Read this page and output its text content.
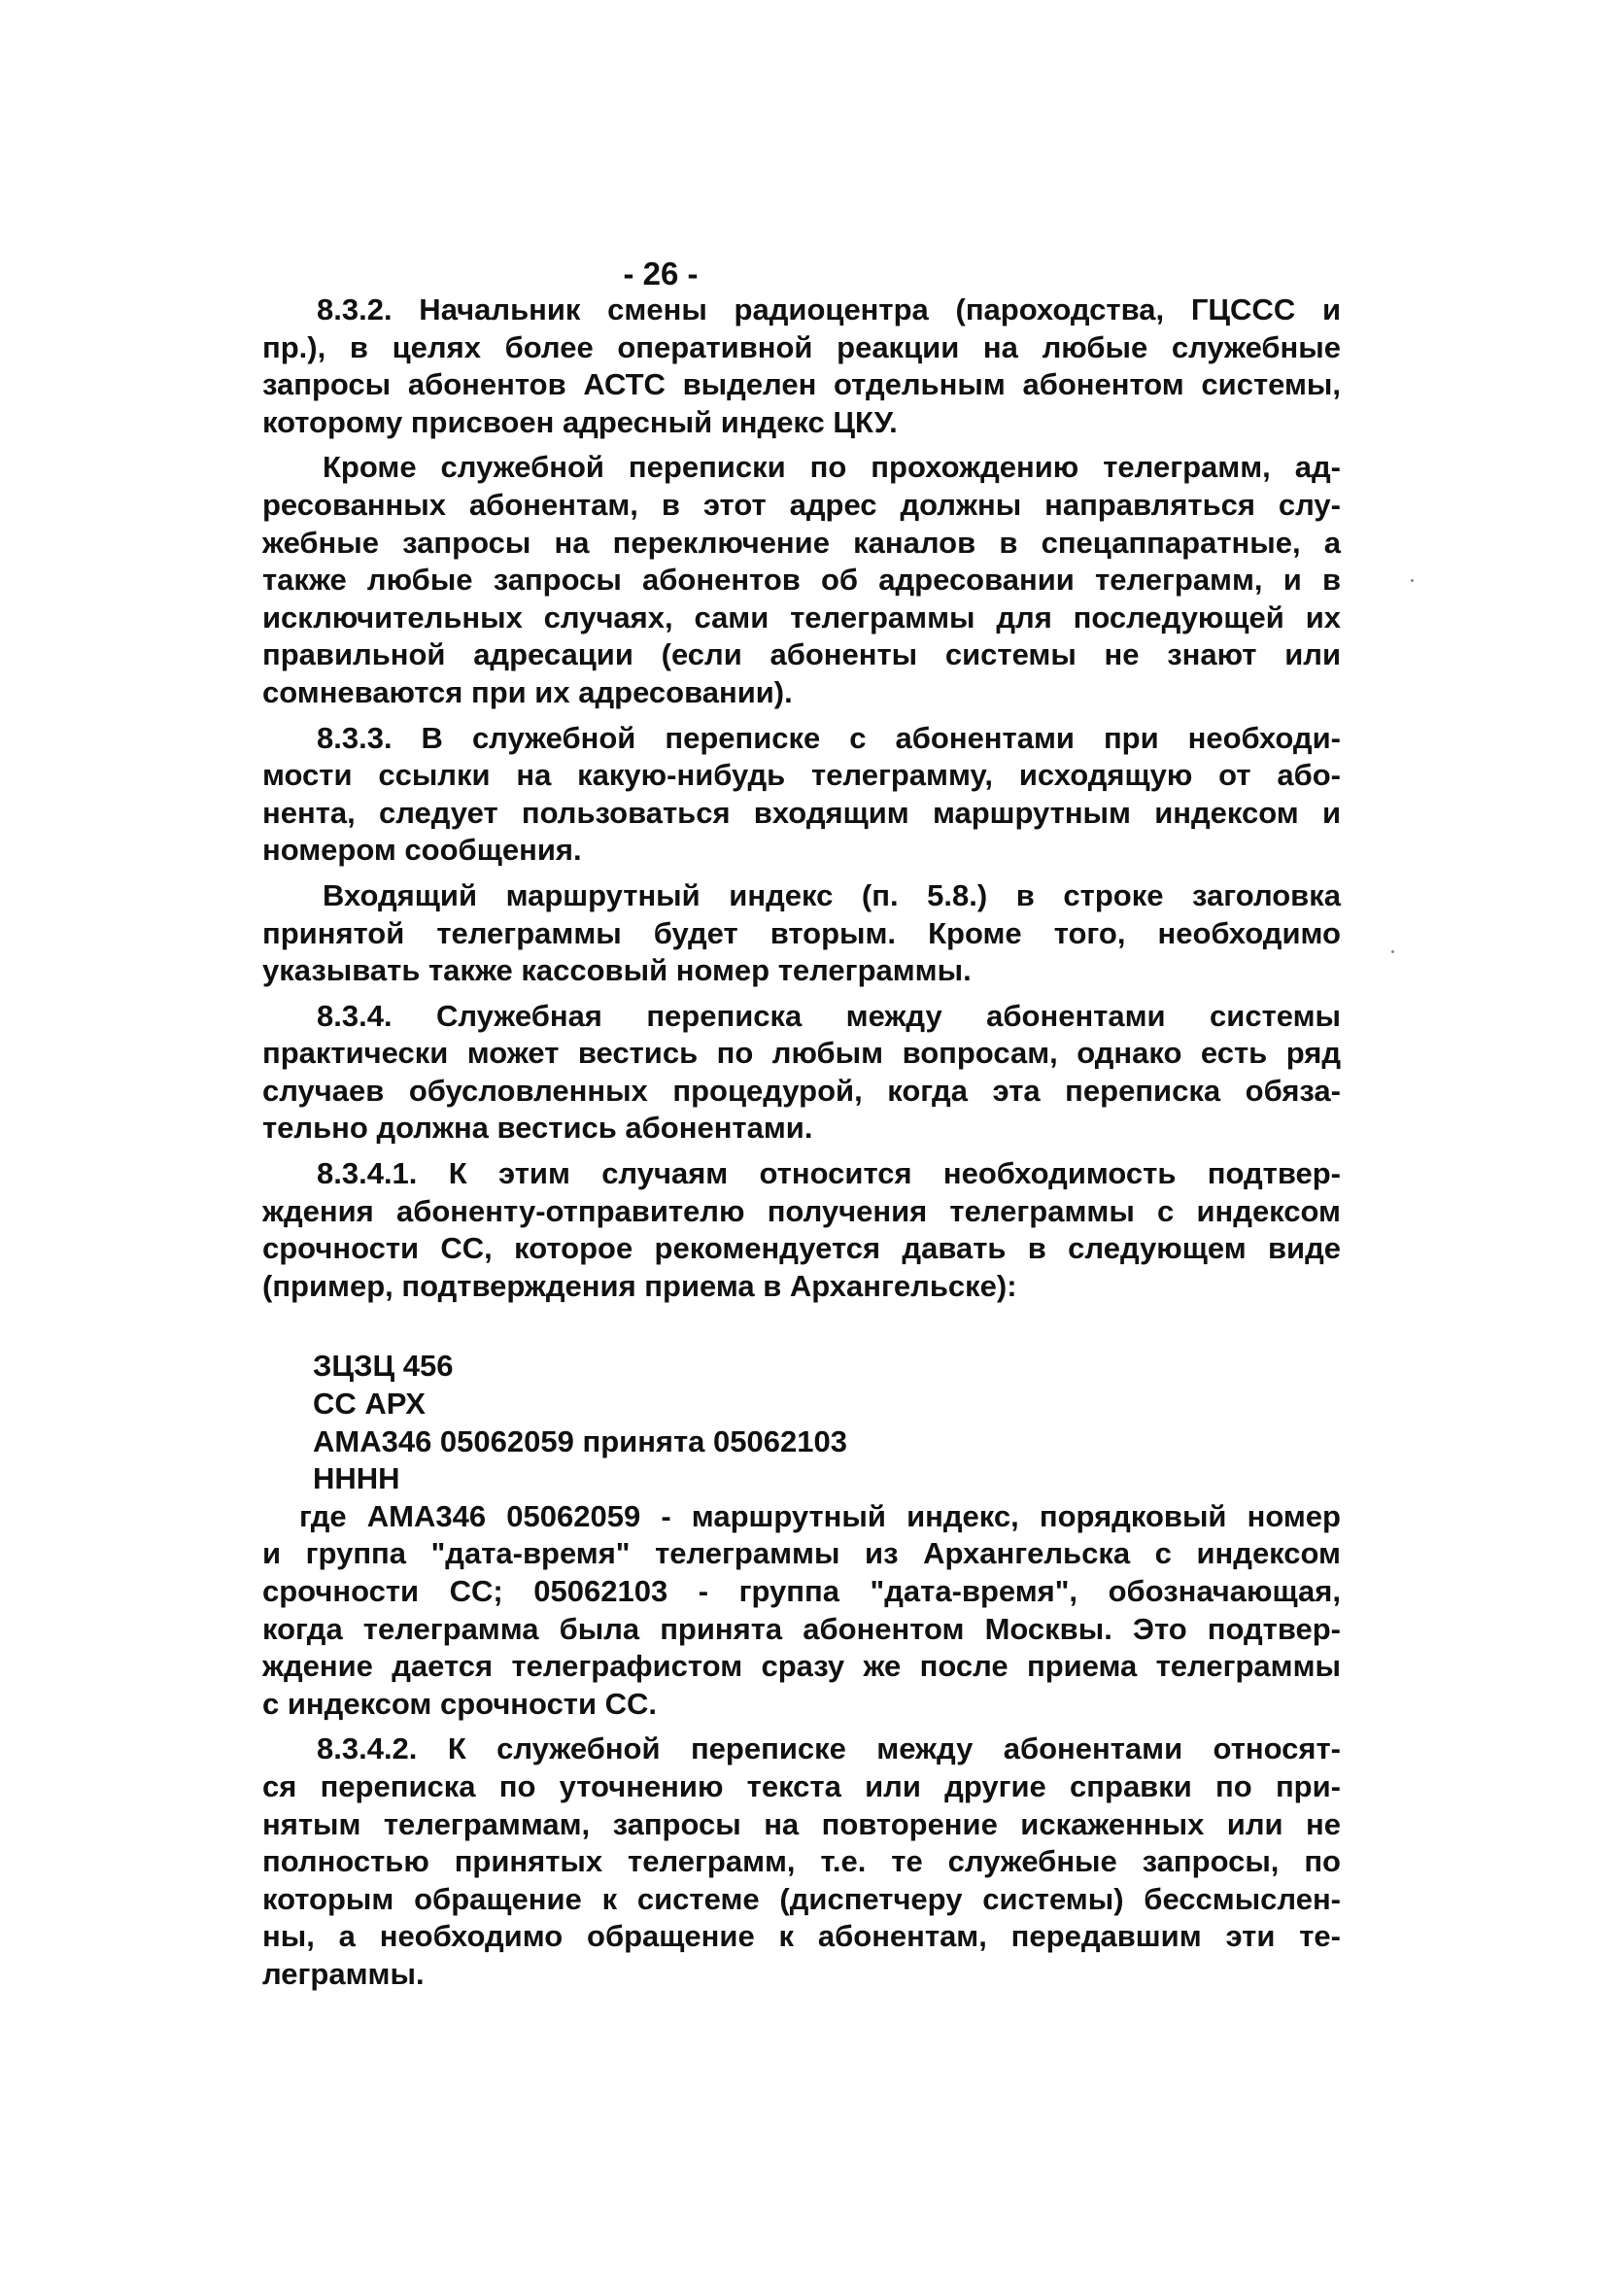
- 26 -
8.3.2. Начальник смены радиоцентра (пароходства, ГЦССС и
пр.), в целях более оперативной реакции на любые служебные
запросы абонентов АСТС выделен отдельным абонентом системы,
которому присвоен адресный индекс ЦКУ.
Кроме служебной переписки по прохождению телеграмм, ад-
ресованных абонентам, в этот адрес должны направляться слу-
жебные запросы на переключение каналов в спецаппаратные, а
также любые запросы абонентов об адресовании телеграмм, и в
исключительных случаях, сами телеграммы для последующей их
правильной адресации (если абоненты системы не знают или
сомневаются при их адресовании).
8.3.3. В служебной переписке с абонентами при необходи-
мости ссылки на какую-нибудь телеграмму, исходящую от або-
нента, следует пользоваться входящим маршрутным индексом и
номером сообщения.
Входящий маршрутный индекс (п. 5.8.) в строке заголовка
принятой телеграммы будет вторым. Кроме того, необходимо
указывать также кассовый номер телеграммы.
8.3.4. Служебная переписка между абонентами системы
практически может вестись по любым вопросам, однако есть ряд
случаев обусловленных процедурой, когда эта переписка обяза-
тельно должна вестись абонентами.
8.3.4.1. К этим случаям относится необходимость подтвер-
ждения абоненту-отправителю получения телеграммы с индексом
срочности СС, которое рекомендуется давать в следующем виде
(пример, подтверждения приема в Архангельске):
ЗЦЗЦ 456
СС АРХ
АМА346 05062059 принята 05062103
НННН
где АМА346 05062059 - маршрутный индекс, порядковый номер
и группа "дата-время" телеграммы из Архангельска с индексом
срочности СС; 05062103 - группа "дата-время", обозначающая,
когда телеграмма была принята абонентом Москвы. Это подтвер-
ждение дается телеграфистом сразу же после приема телеграммы
с индексом срочности СС.
8.3.4.2. К служебной переписке между абонентами относят-
ся переписка по уточнению текста или другие справки по при-
нятым телеграммам, запросы на повторение искаженных или не
полностью принятых телеграмм, т.е. те служебные запросы, по
которым обращение к системе (диспетчеру системы) бессмыслен-
ны, а необходимо обращение к абонентам, передавшим эти те-
леграммы.
